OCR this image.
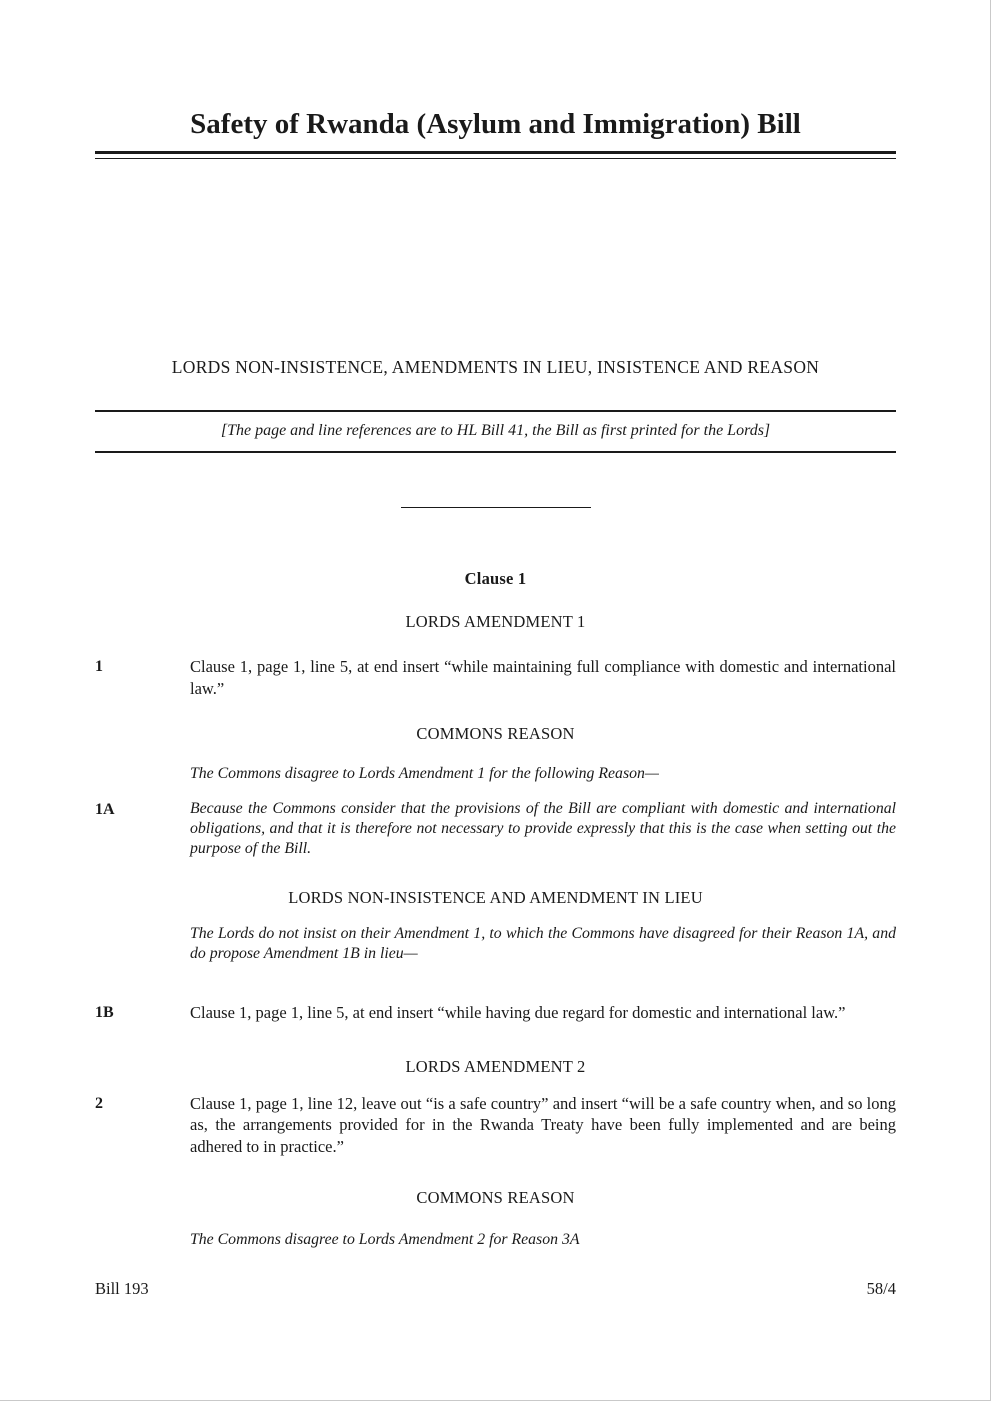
Safety of Rwanda (Asylum and Immigration) Bill
LORDS NON-INSISTENCE, AMENDMENTS IN LIEU, INSISTENCE AND REASON

[The page and line references are to HL Bill 41, the Bill as first printed for the Lords]

Clause 1
LORDS AMENDMENT 1
1	Clause 1, page 1, line 5, at end insert “while maintaining full compliance with domestic and international law.”

COMMONS REASON

The Commons disagree to Lords Amendment 1 for the following Reason—

1A	Because the Commons consider that the provisions of the Bill are compliant with domestic and international obligations, and that it is therefore not necessary to provide expressly that this is the case when setting out the purpose of the Bill.

LORDS NON-INSISTENCE AND AMENDMENT IN LIEU

The Lords do not insist on their Amendment 1, to which the Commons have disagreed for their Reason 1A, and do propose Amendment 1B in lieu—

1B	Clause 1, page 1, line 5, at end insert “while having due regard for domestic and international law.”

LORDS AMENDMENT 2
2	Clause 1, page 1, line 12, leave out “is a safe country” and insert “will be a safe country when, and so long as, the arrangements provided for in the Rwanda Treaty have been fully implemented and are being adhered to in practice.”

COMMONS REASON

The Commons disagree to Lords Amendment 2 for Reason 3A

Bill 193	58/4
